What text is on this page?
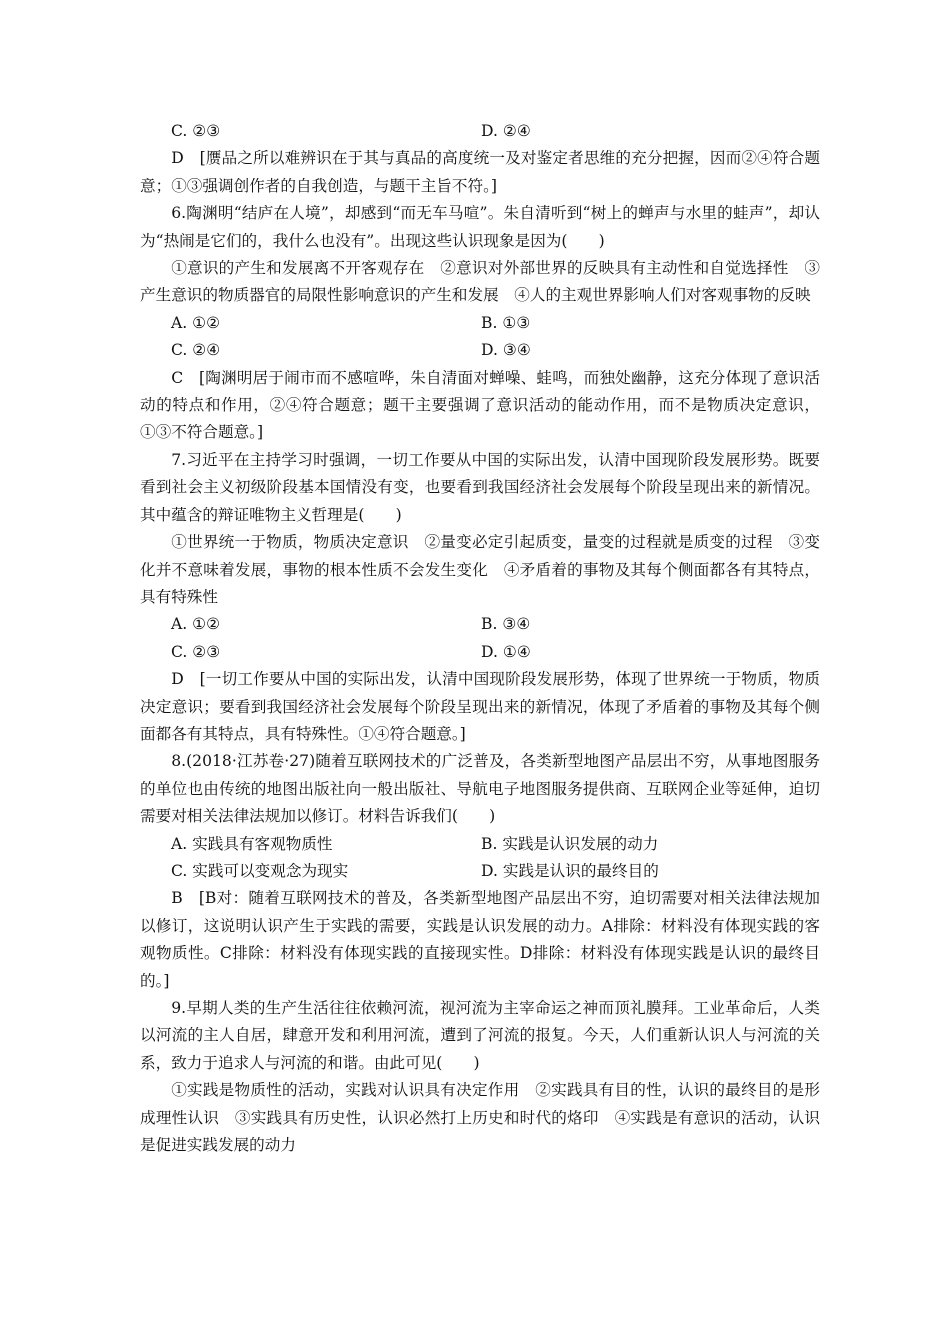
C. ②③	D. ②④

D　[赝品之所以难辨识在于其与真品的高度统一及对鉴定者思维的充分把握，因而②④符合题意；①③强调创作者的自我创造，与题干主旨不符。]

6.陶渊明“结庐在人境”，却感到“而无车马喧”。朱自清听到“树上的蝉声与水里的蛙声”，却认为“热闹是它们的，我什么也没有”。出现这些认识现象是因为(　　)

①意识的产生和发展离不开客观存在　②意识对外部世界的反映具有主动性和自觉选择性　③产生意识的物质器官的局限性影响意识的产生和发展　④人的主观世界影响人们对客观事物的反映

A. ①②	B. ①③
C. ②④	D. ③④

C　[陶渊明居于闹市而不感喧哗，朱自清面对蝉噪、蛙鸣，而独处幽静，这充分体现了意识活动的特点和作用，②④符合题意；题干主要强调了意识活动的能动作用，而不是物质决定意识，①③不符合题意。]

7.习近平在主持学习时强调，一切工作要从中国的实际出发，认清中国现阶段发展形势。既要看到社会主义初级阶段基本国情没有变，也要看到我国经济社会发展每个阶段呈现出来的新情况。其中蕴含的辩证唯物主义哲理是(　　)

①世界统一于物质，物质决定意识　②量变必定引起质变，量变的过程就是质变的过程　③变化并不意味着发展，事物的根本性质不会发生变化　④矛盾着的事物及其每个侧面都各有其特点，具有特殊性

A. ①②	B. ③④
C. ②③	D. ①④

D　[一切工作要从中国的实际出发，认清中国现阶段发展形势，体现了世界统一于物质，物质决定意识；要看到我国经济社会发展每个阶段呈现出来的新情况，体现了矛盾着的事物及其每个侧面都各有其特点，具有特殊性。①④符合题意。]

8.(2018·江苏卷·27)随着互联网技术的广泛普及，各类新型地图产品层出不穷，从事地图服务的单位也由传统的地图出版社向一般出版社、导航电子地图服务提供商、互联网企业等延伸，迫切需要对相关法律法规加以修订。材料告诉我们(　　)

A. 实践具有客观物质性	B. 实践是认识发展的动力
C. 实践可以变观念为现实	D. 实践是认识的最终目的

B　[B对：随着互联网技术的普及，各类新型地图产品层出不穷，迫切需要对相关法律法规加以修订，这说明认识产生于实践的需要，实践是认识发展的动力。A排除：材料没有体现实践的客观物质性。C排除：材料没有体现实践的直接现实性。D排除：材料没有体现实践是认识的最终目的。]

9.早期人类的生产生活往往依赖河流，视河流为主宰命运之神而顶礼膜拜。工业革命后，人类以河流的主人自居，肆意开发和利用河流，遭到了河流的报复。今天，人们重新认识人与河流的关系，致力于追求人与河流的和谐。由此可见(　　)

①实践是物质性的活动，实践对认识具有决定作用　②实践具有目的性，认识的最终目的是形成理性认识　③实践具有历史性，认识必然打上历史和时代的烙印　④实践是有意识的活动，认识是促进实践发展的动力
